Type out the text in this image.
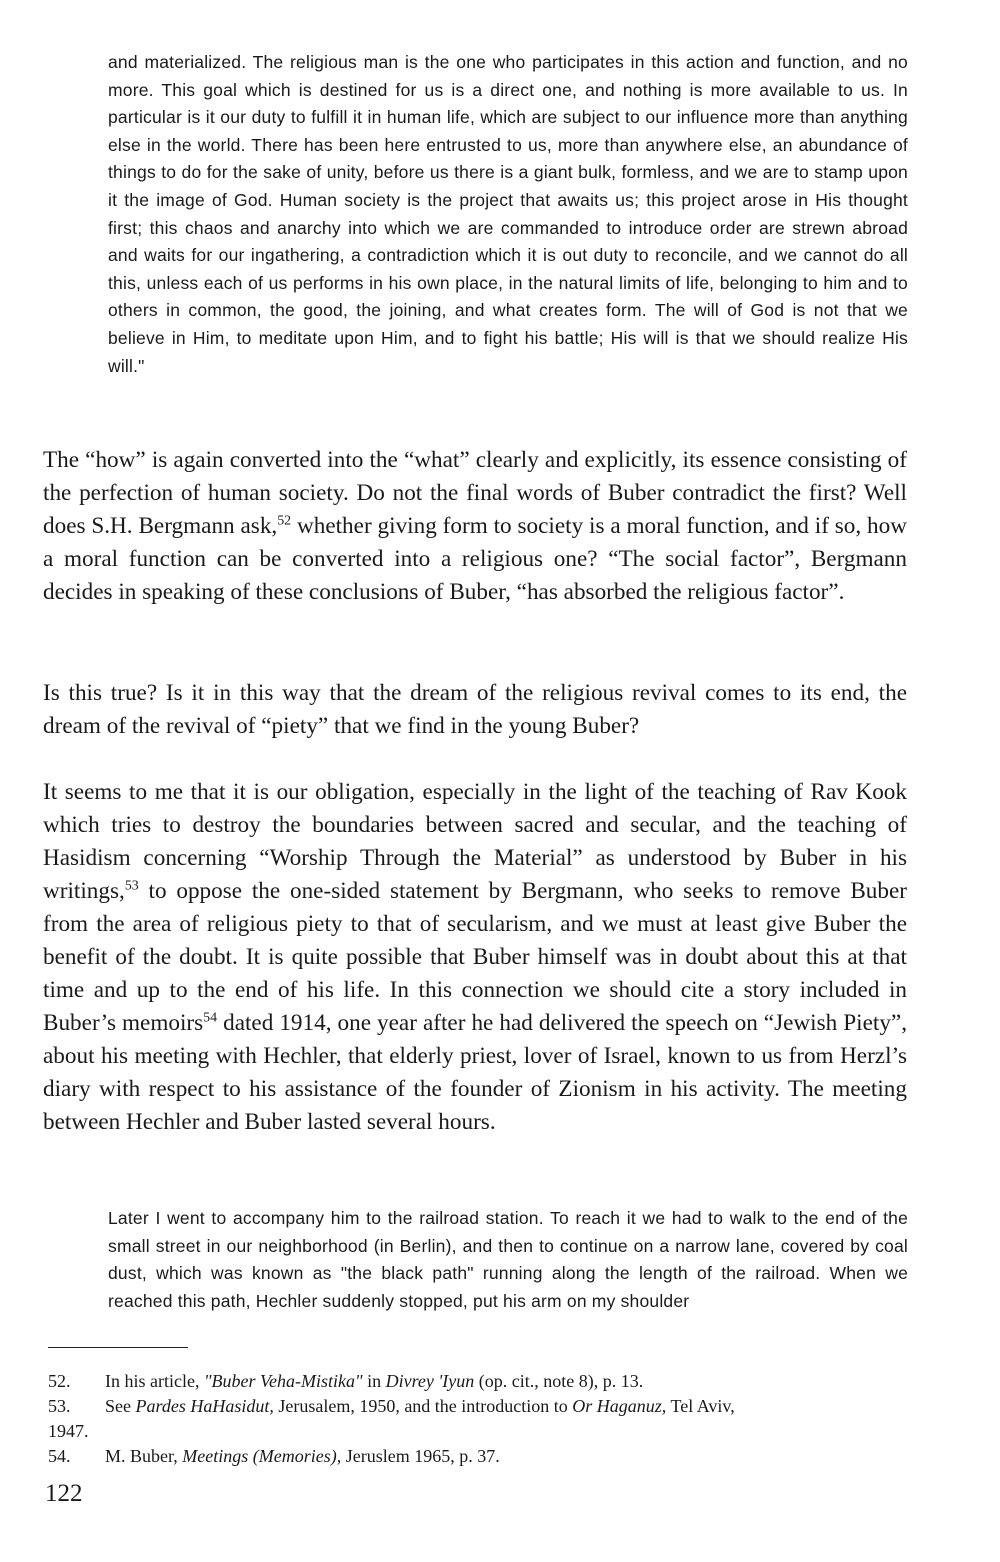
and materialized. The religious man is the one who participates in this action and function, and no more. This goal which is destined for us is a direct one, and nothing is more available to us. In particular is it our duty to fulfill it in human life, which are subject to our influence more than anything else in the world. There has been here entrusted to us, more than anywhere else, an abundance of things to do for the sake of unity, before us there is a giant bulk, formless, and we are to stamp upon it the image of God. Human society is the project that awaits us; this project arose in His thought first; this chaos and anarchy into which we are commanded to introduce order are strewn abroad and waits for our ingathering, a contradiction which it is out duty to reconcile, and we cannot do all this, unless each of us performs in his own place, in the natural limits of life, belonging to him and to others in common, the good, the joining, and what creates form. The will of God is not that we believe in Him, to meditate upon Him, and to fight his battle; His will is that we should realize His will."

The “how” is again converted into the “what” clearly and explicitly, its essence consisting of the perfection of human society. Do not the final words of Buber contradict the first? Well does S.H. Bergmann ask,$^{52}$ whether giving form to society is a moral function, and if so, how a moral function can be converted into a religious one? “The social factor”, Bergmann decides in speaking of these conclusions of Buber, “has absorbed the religious factor”.

Is this true? Is it in this way that the dream of the religious revival comes to its end, the dream of the revival of “piety” that we find in the young Buber?

It seems to me that it is our obligation, especially in the light of the teaching of Rav Kook which tries to destroy the boundaries between sacred and secular, and the teaching of Hasidism concerning “Worship Through the Material” as understood by Buber in his writings,$^{53}$ to oppose the one-sided statement by Bergmann, who seeks to remove Buber from the area of religious piety to that of secularism, and we must at least give Buber the benefit of the doubt. It is quite possible that Buber himself was in doubt about this at that time and up to the end of his life. In this connection we should cite a story included in Buber’s memoirs$^{54}$ dated 1914, one year after he had delivered the speech on “Jewish Piety”, about his meeting with Hechler, that elderly priest, lover of Israel, known to us from Herzl’s diary with respect to his assistance of the founder of Zionism in his activity. The meeting between Hechler and Buber lasted several hours.

Later I went to accompany him to the railroad station. To reach it we had to walk to the end of the small street in our neighborhood (in Berlin), and then to continue on a narrow lane, covered by coal dust, which was known as "the black path" running along the length of the railroad. When we reached this path, Hechler suddenly stopped, put his arm on my shoulder

52.	In his article, "Buber Veha-Mistika" in Divrey 'Iyun (op. cit., note 8), p. 13.
53.	See Pardes HaHasidut, Jerusalem, 1950, and the introduction to Or Haganuz, Tel Aviv,

1947.

54.	M. Buber, Meetings (Memories), Jeruslem 1965, p. 37.
122
